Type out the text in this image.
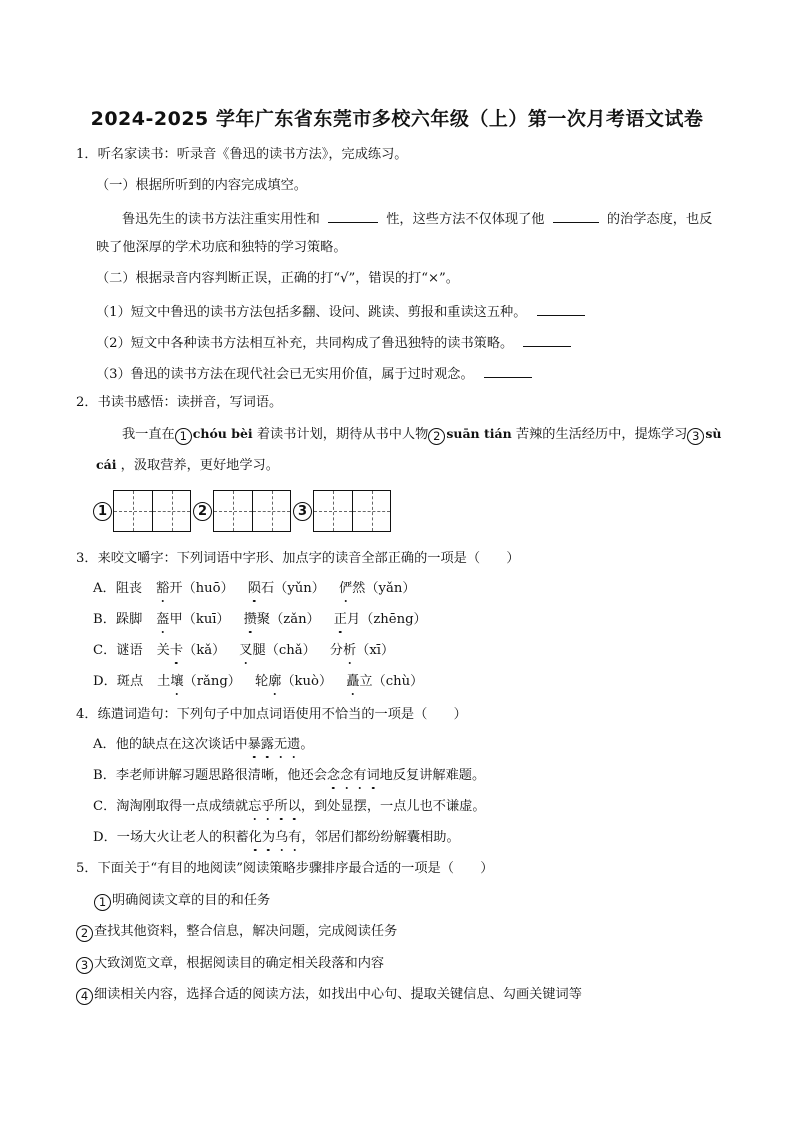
2024-2025 学年广东省东莞市多校六年级（上）第一次月考语文试卷
1．听名家读书：听录音《鲁迅的读书方法》，完成练习。
（一）根据所听到的内容完成填空。
鲁迅先生的读书方法注重实用性和	性，这些方法不仅体现了他	的治学态度，也反
映了他深厚的学术功底和独特的学习策略。
（二）根据录音内容判断正误，正确的打“√”，错误的打“×”。
（1）短文中鲁迅的读书方法包括多翻、设问、跳读、剪报和重读这五种。
（2）短文中各种读书方法相互补充，共同构成了鲁迅独特的读书策略。
（3）鲁迅的读书方法在现代社会已无实用价值，属于过时观念。
2．书读书感悟：读拼音，写词语。
我一直在 1 chóu bèi 着读书计划，期待从书中人物 2 suān tián 苦辣的生活经历中，提炼学习 3 sù
cái ，汲取营养，更好地学习。
1	2	3
3．来咬文嚼字：下列词语中字形、加点字的读音全部正确的一项是（　　）
A．阻丧 豁开（huō） 陨石（yǔn） 俨然（yǎn）
B．跺脚 盔甲（kuī） 攒聚（zǎn） 正月（zhēng）
C．谜语 关卡（kǎ） 叉腿（chǎ） 分析（xī）
D．斑点 土壤（rǎng） 轮廓（kuò） 矗立（chù）
4．练遣词造句：下列句子中加点词语使用不恰当的一项是（　　）
A．他的缺点在这次谈话中暴露无遗。
B．李老师讲解习题思路很清晰，他还会念念有词地反复讲解难题。
C．淘淘刚取得一点成绩就忘乎所以，到处显摆，一点儿也不谦虚。
D．一场大火让老人的积蓄化为乌有，邻居们都纷纷解囊相助。
5．下面关于“有目的地阅读”阅读策略步骤排序最合适的一项是（　　）
1 明确阅读文章的目的和任务
2 查找其他资料，整合信息，解决问题，完成阅读任务
3 大致浏览文章，根据阅读目的确定相关段落和内容
4 细读相关内容，选择合适的阅读方法，如找出中心句、提取关键信息、勾画关键词等
